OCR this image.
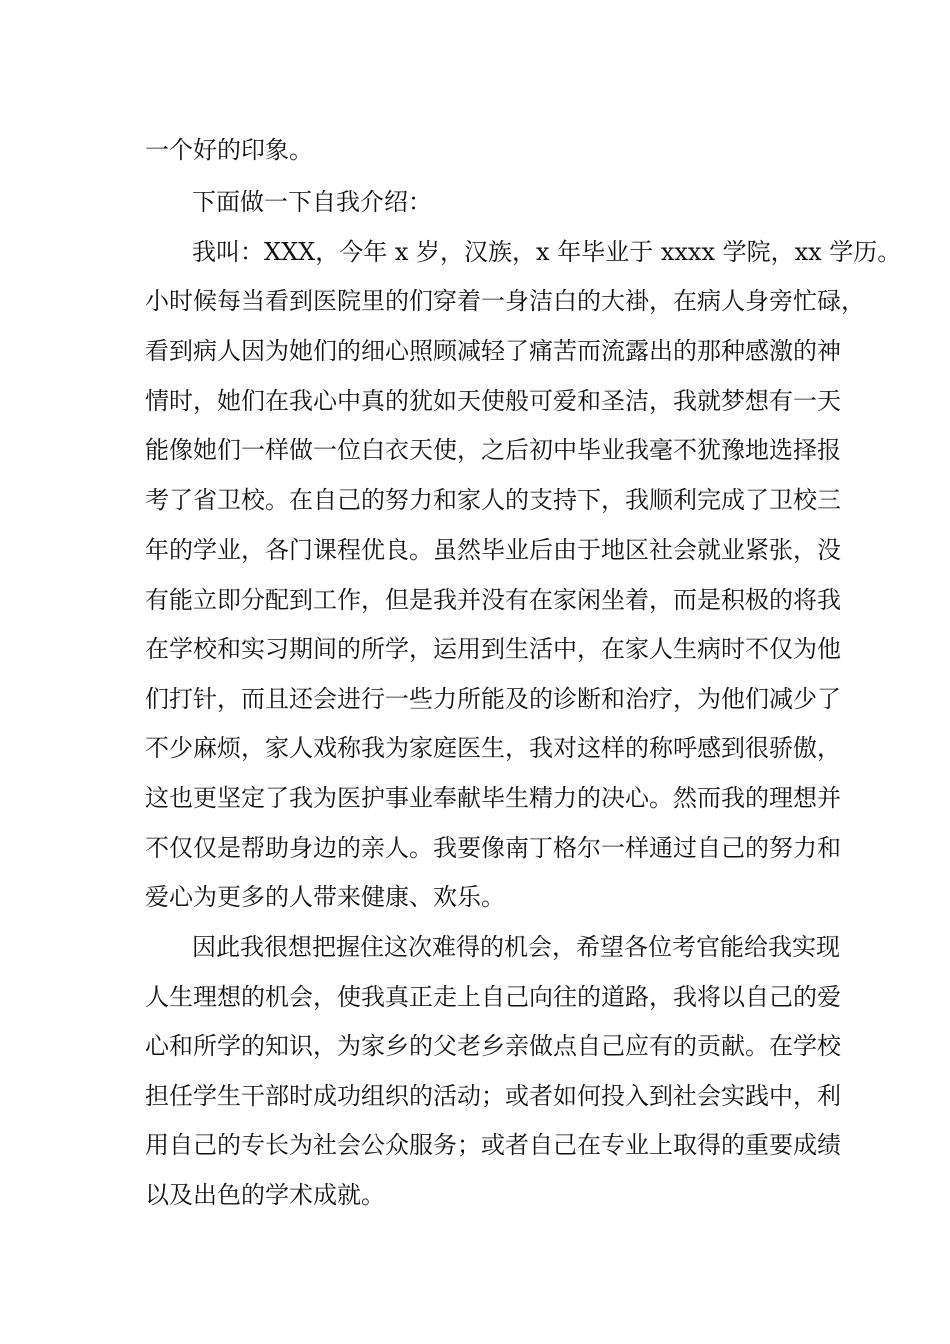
一个好的印象。
下面做一下自我介绍：
我叫：XXX，今年 x 岁，汉族，x 年毕业于 xxxx 学院，xx 学历。
小时候每当看到医院里的们穿着一身洁白的大褂，在病人身旁忙碌，
看到病人因为她们的细心照顾减轻了痛苦而流露出的那种感激的神
情时，她们在我心中真的犹如天使般可爱和圣洁，我就梦想有一天
能像她们一样做一位白衣天使，之后初中毕业我毫不犹豫地选择报
考了省卫校。在自己的努力和家人的支持下，我顺利完成了卫校三
年的学业，各门课程优良。虽然毕业后由于地区社会就业紧张，没
有能立即分配到工作，但是我并没有在家闲坐着，而是积极的将我
在学校和实习期间的所学，运用到生活中，在家人生病时不仅为他
们打针，而且还会进行一些力所能及的诊断和治疗，为他们减少了
不少麻烦，家人戏称我为家庭医生，我对这样的称呼感到很骄傲，
这也更坚定了我为医护事业奉献毕生精力的决心。然而我的理想并
不仅仅是帮助身边的亲人。我要像南丁格尔一样通过自己的努力和
爱心为更多的人带来健康、欢乐。
因此我很想把握住这次难得的机会，希望各位考官能给我实现
人生理想的机会，使我真正走上自己向往的道路，我将以自己的爱
心和所学的知识，为家乡的父老乡亲做点自己应有的贡献。在学校
担任学生干部时成功组织的活动；或者如何投入到社会实践中，利
用自己的专长为社会公众服务；或者自己在专业上取得的重要成绩
以及出色的学术成就。
